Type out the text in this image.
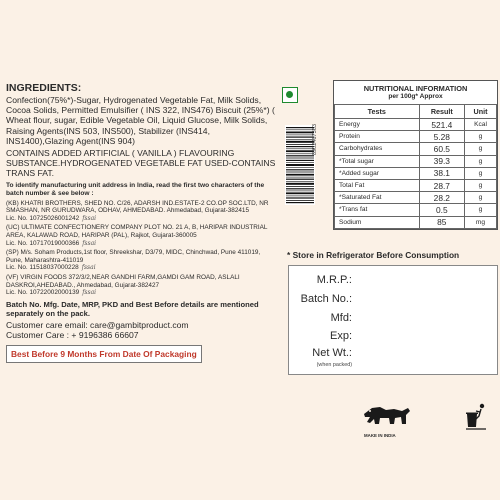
INGREDIENTS:
Confection(75%*)-Sugar, Hydrogenated Vegetable Fat, Milk Solids, Cocoa Solids, Permitted Emulsifier ( INS 322, INS476) Biscuit (25%*) ( Wheat flour, sugar, Edible Vegetable Oil, Liquid Glucose, Milk Solids, Raising Agents(INS 503, INS500), Stabilizer (INS414, INS1400),Glazing Agent(INS 904)
CONTAINS ADDED ARTIFICIAL ( VANILLA ) FLAVOURING SUBSTANCE.HYDROGENATED VEGETABLE FAT USED-CONTAINS TRANS FAT.
To identify manufacturing unit address in India, read the first two characters of the batch number & see below :
(KB) KHATRI BROTHERS, SHED NO. C/26, ADARSH IND.ESTATE-2 CO.OP SOC.LTD, NR SMASHAN, NR GURUDWARA, ODHAV, AHMEDABAD. Ahmedabad, Gujarat-382415
Lic. No. 10725026001242 fssai
(UC) ULTIMATE CONFECTIONERY COMPANY PLOT NO. 21 A, B, HARIPAR INDUSTRIAL AREA, KALAWAD ROAD, HARIPAR (PAL), Rajkot, Gujarat-360005
Lic. No. 10717019000366 fssai
(SP) M/s. Soham Products,1st floor, Shreekshar, D3/79, MIDC, Chinchwad, Pune 411019, Pune, Maharashtra-411019
Lic. No. 11518037000228 fssai
(VF) VIRGIN FOODS 372/3/2,NEAR GANDHI FARM,GAMDI GAM ROAD, ASLALI DASKROI,AHEDABAD., Ahmedabad, Gujarat-382427
Lic. No. 10722002000139 fssai
Batch No. Mfg. Date, MRP, PKD and Best Before details are mentioned separately on the pack.
Customer care email: care@gambitproduct.com
Customer Care : + 9196386 66607
Best Before 9 Months From Date Of Packaging
8902467363
NUTRITIONAL INFORMATION
per 100g* Approx
Tests	Result	Unit
Energy	521.4	Kcal
Protein	5.28	g
Carbohydrates	60.5	g
*Total sugar	39.3	g
*Added sugar	38.1	g
Total Fat	28.7	g
*Saturated Fat	28.2	g
*Trans fat	0.5	g
Sodium	85	mg
* Store in Refrigerator Before Consumption
M.R.P.:
Batch No.:
Mfd:
Exp:
Net Wt.:
(when packed)
MAKE IN INDIA
